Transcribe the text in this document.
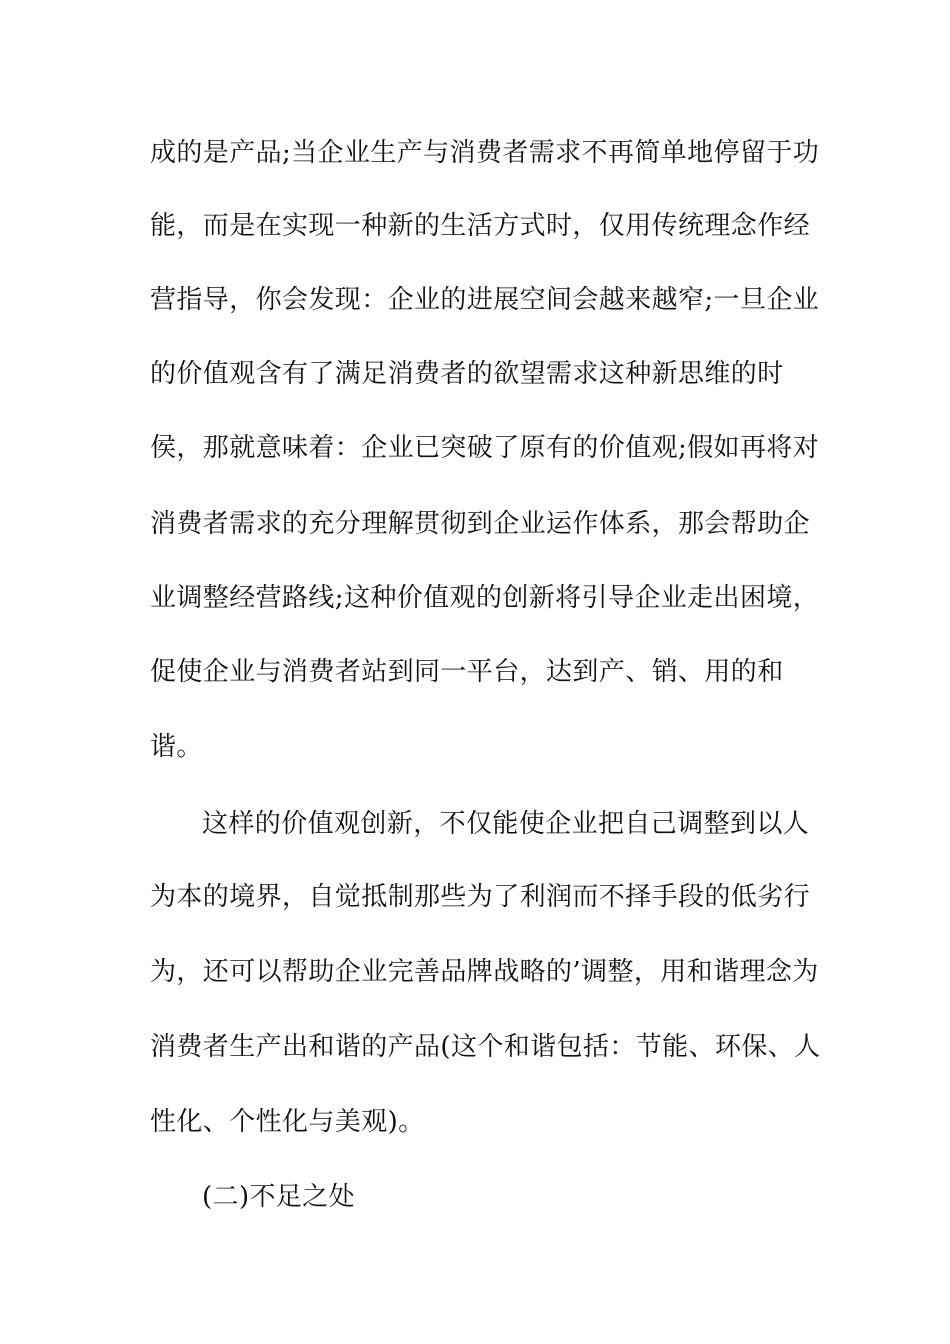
成的是产品;当企业生产与消费者需求不再简单地停留于功
能，而是在实现一种新的生活方式时，仅用传统理念作经
营指导，你会发现：企业的进展空间会越来越窄;一旦企业
的价值观含有了满足消费者的欲望需求这种新思维的时
侯，那就意味着：企业已突破了原有的价值观;假如再将对
消费者需求的充分理解贯彻到企业运作体系，那会帮助企
业调整经营路线;这种价值观的创新将引导企业走出困境，
促使企业与消费者站到同一平台，达到产、销、用的和
谐。
这样的价值观创新，不仅能使企业把自己调整到以人
为本的境界，自觉抵制那些为了利润而不择手段的低劣行
为，还可以帮助企业完善品牌战略的’调整，用和谐理念为
消费者生产出和谐的产品(这个和谐包括：节能、环保、人
性化、个性化与美观)。
(二)不足之处
